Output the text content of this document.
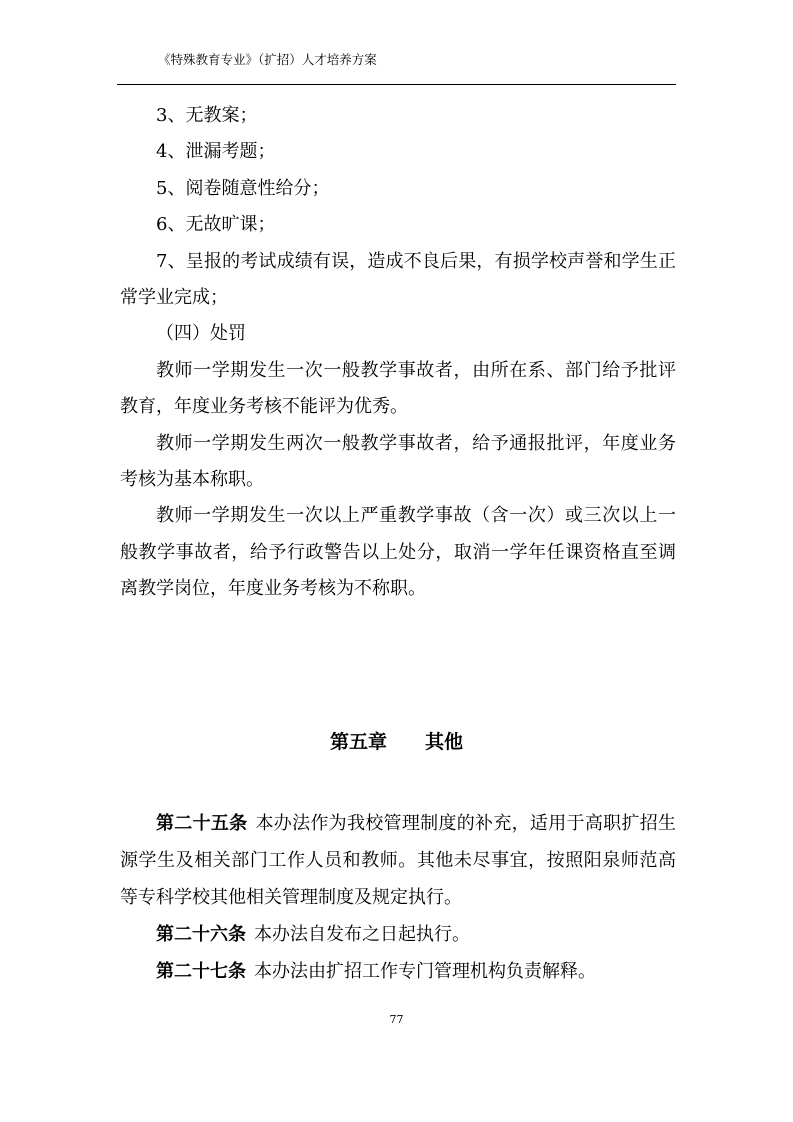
《特殊教育专业》（扩招）人才培养方案

3、无教案；

4、泄漏考题；

5、阅卷随意性给分；

6、无故旷课；

7、呈报的考试成绩有误，造成不良后果，有损学校声誉和学生正常学业完成；

（四）处罚

教师一学期发生一次一般教学事故者，由所在系、部门给予批评教育，年度业务考核不能评为优秀。

教师一学期发生两次一般教学事故者，给予通报批评，年度业务考核为基本称职。

教师一学期发生一次以上严重教学事故（含一次）或三次以上一般教学事故者，给予行政警告以上处分，取消一学年任课资格直至调离教学岗位，年度业务考核为不称职。

第五章 其他

第二十五条 本办法作为我校管理制度的补充，适用于高职扩招生源学生及相关部门工作人员和教师。其他未尽事宜，按照阳泉师范高等专科学校其他相关管理制度及规定执行。

第二十六条 本办法自发布之日起执行。

第二十七条 本办法由扩招工作专门管理机构负责解释。

77
